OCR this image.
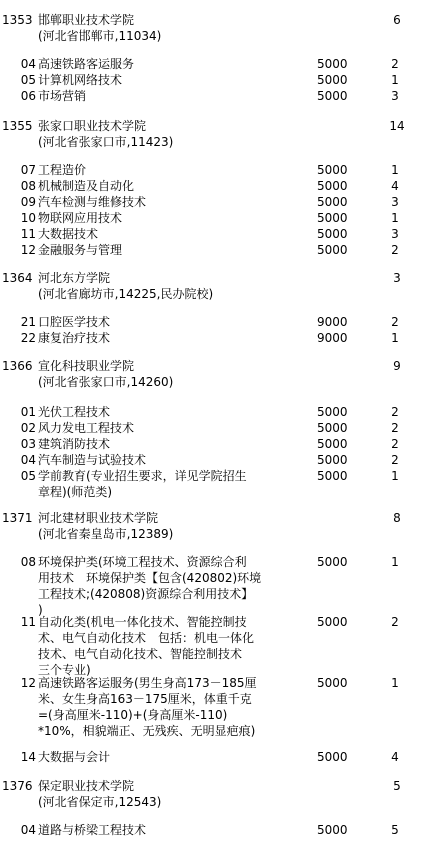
1353 邯郸职业技术学院	6
(河北省邯郸市,11034)
04 高速铁路客运服务	5000	2
05 计算机网络技术	5000	1
06 市场营销	5000	3
1355 张家口职业技术学院	14
(河北省张家口市,11423)
07 工程造价	5000	1
08 机械制造及自动化	5000	4
09 汽车检测与维修技术	5000	3
10 物联网应用技术	5000	1
11 大数据技术	5000	3
12 金融服务与管理	5000	2
1364 河北东方学院	3
(河北省廊坊市,14225,民办院校)
21 口腔医学技术	9000	2
22 康复治疗技术	9000	1
1366 宣化科技职业学院	9
(河北省张家口市,14260)
01 光伏工程技术	5000	2
02 风力发电工程技术	5000	2
03 建筑消防技术	5000	2
04 汽车制造与试验技术	5000	2
05 学前教育(专业招生要求，详见学院招生	5000	1
章程)(师范类)
1371 河北建材职业技术学院	8
(河北省秦皇岛市,12389)
08 环境保护类(环境工程技术、资源综合利	5000	1
用技术　环境保护类【包含(420802)环境
工程技术;(420808)资源综合利用技术】
)
11 自动化类(机电一体化技术、智能控制技	5000	2
术、电气自动化技术　包括：机电一体化
技术、电气自动化技术、智能控制技术
三个专业)
12 高速铁路客运服务(男生身高173－185厘	5000	1
米、女生身高163－175厘米，体重千克
=(身高厘米-110)+(身高厘米-110)
*10%，相貌端正、无残疾、无明显疤痕)
14 大数据与会计	5000	4
1376 保定职业技术学院	5
(河北省保定市,12543)
04 道路与桥梁工程技术	5000	5
